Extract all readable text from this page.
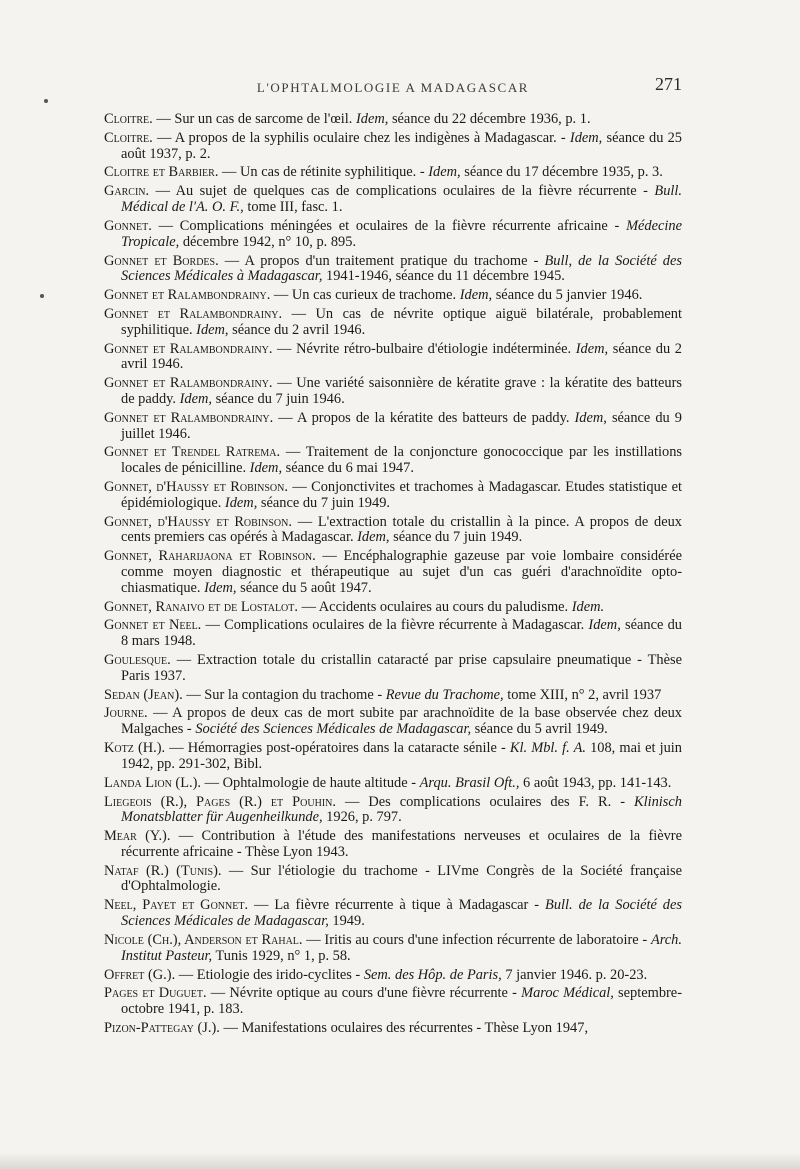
L'OPHTALMOLOGIE A MADAGASCAR	271
Cloitre. — Sur un cas de sarcome de l'œil. Idem, séance du 22 décembre 1936, p. 1.
Cloitre. — A propos de la syphilis oculaire chez les indigènes à Madagascar. - Idem, séance du 25 août 1937, p. 2.
Cloitre et Barbier. — Un cas de rétinite syphilitique. - Idem, séance du 17 décembre 1935, p. 3.
Garcin. — Au sujet de quelques cas de complications oculaires de la fièvre récurrente - Bull. Médical de l'A. O. F., tome III, fasc. 1.
Gonnet. — Complications méningées et oculaires de la fièvre récurrente africaine - Médecine Tropicale, décembre 1942, n° 10, p. 895.
Gonnet et Bordes. — A propos d'un traitement pratique du trachome - Bull, de la Société des Sciences Médicales à Madagascar, 1941-1946, séance du 11 décembre 1945.
Gonnet et Ralambondrainy. — Un cas curieux de trachome. Idem, séance du 5 janvier 1946.
Gonnet et Ralambondrainy. — Un cas de névrite optique aiguë bilatérale, probablement syphilitique. Idem, séance du 2 avril 1946.
Gonnet et Ralambondrainy. — Névrite rétro-bulbaire d'étiologie indéterminée. Idem, séance du 2 avril 1946.
Gonnet et Ralambondrainy. — Une variété saisonnière de kératite grave : la kératite des batteurs de paddy. Idem, séance du 7 juin 1946.
Gonnet et Ralambondrainy. — A propos de la kératite des batteurs de paddy. Idem, séance du 9 juillet 1946.
Gonnet et Trendel Ratrema. — Traitement de la conjoncture gonococcique par les instillations locales de pénicilline. Idem, séance du 6 mai 1947.
Gonnet, d'Haussy et Robinson. — Conjonctivites et trachomes à Madagascar. Etudes statistique et épidémiologique. Idem, séance du 7 juin 1949.
Gonnet, d'Haussy et Robinson. — L'extraction totale du cristallin à la pince. A propos de deux cents premiers cas opérés à Madagascar. Idem, séance du 7 juin 1949.
Gonnet, Raharijaona et Robinson. — Encéphalographie gazeuse par voie lombaire considérée comme moyen diagnostic et thérapeutique au sujet d'un cas guéri d'arachnoïdite opto-chiasmatique. Idem, séance du 5 août 1947.
Gonnet, Ranaivo et de Lostalot. — Accidents oculaires au cours du paludisme. Idem.
Gonnet et Neel. — Complications oculaires de la fièvre récurrente à Madagascar. Idem, séance du 8 mars 1948.
Goulesque. — Extraction totale du cristallin cataracté par prise capsulaire pneumatique - Thèse Paris 1937.
Sedan (Jean). — Sur la contagion du trachome - Revue du Trachome, tome XIII, n° 2, avril 1937
Journe. — A propos de deux cas de mort subite par arachnoïdite de la base observée chez deux Malgaches - Société des Sciences Médicales de Madagascar, séance du 5 avril 1949.
Kotz (H.). — Hémorragies post-opératoires dans la cataracte sénile - Kl. Mbl. f. A. 108, mai et juin 1942, pp. 291-302, Bibl.
Landa Lion (L.). — Ophtalmologie de haute altitude - Arqu. Brasil Oft., 6 août 1943, pp. 141-143.
Liegeois (R.), Pages (R.) et Pouhin. — Des complications oculaires des F. R. - Klinisch Monatsblatter für Augenheilkunde, 1926, p. 797.
Mear (Y.). — Contribution à l'étude des manifestations nerveuses et oculaires de la fièvre récurrente africaine - Thèse Lyon 1943.
Nataf (R.) (Tunis). — Sur l'étiologie du trachome - LIVme Congrès de la Société française d'Ophtalmologie.
Neel, Payet et Gonnet. — La fièvre récurrente à tique à Madagascar - Bull. de la Société des Sciences Médicales de Madagascar, 1949.
Nicole (Ch.), Anderson et Rahal. — Iritis au cours d'une infection récurrente de laboratoire - Arch. Institut Pasteur, Tunis 1929, n° 1, p. 58.
Offret (G.). — Etiologie des irido-cyclites - Sem. des Hôp. de Paris, 7 janvier 1946. p. 20-23.
Pages et Duguet. — Névrite optique au cours d'une fièvre récurrente - Maroc Médical, septembre-octobre 1941, p. 183.
Pizon-Pattegay (J.). — Manifestations oculaires des récurrentes - Thèse Lyon 1947,
